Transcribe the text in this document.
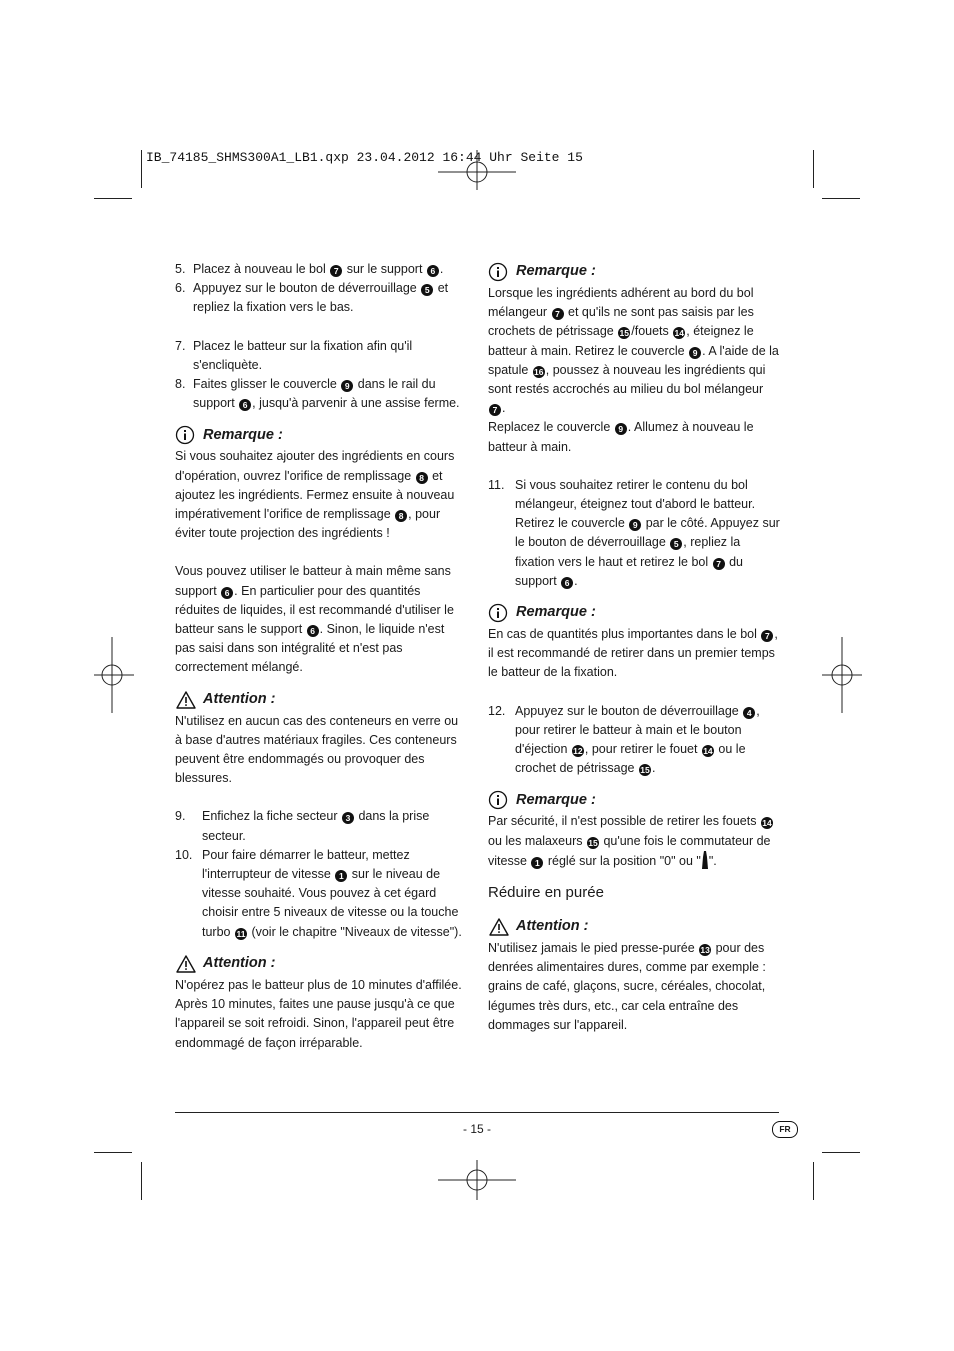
IB_74185_SHMS300A1_LB1.qxp 23.04.2012 16:44 Uhr Seite 15
5. Placez à nouveau le bol 7 sur le support 6 .
6. Appuyez sur le bouton de déverrouillage 5 et repliez la fixation vers le bas.
7. Placez le batteur sur la fixation afin qu'il s'encliquète.
8. Faites glisser le couvercle 9 dans le rail du support 6 , jusqu'à parvenir à une assise ferme.
Remarque :

Si vous souhaitez ajouter des ingrédients en cours d'opération, ouvrez l'orifice de remplissage 8 et ajoutez les ingrédients. Fermez ensuite à nouveau impérativement l'orifice de remplissage 8 , pour éviter toute projection des ingrédients !

Vous pouvez utiliser le batteur à main même sans support 6 . En particulier pour des quantités réduites de liquides, il est recommandé d'utiliser le batteur sans le support 6 . Sinon, le liquide n'est pas saisi dans son intégralité et n'est pas correctement mélangé.

Attention :

N'utilisez en aucun cas des conteneurs en verre ou à base d'autres matériaux fragiles. Ces conteneurs peuvent être endommagés ou provoquer des blessures.

9.	Enfichez la fiche secteur 3 dans la prise secteur.
10. Pour faire démarrer le batteur, mettez l'interrupteur de vitesse 1 sur le niveau de vitesse souhaité. Vous pouvez à cet égard choisir entre 5 niveaux de vitesse ou la touche turbo 11 (voir le chapitre "Niveaux de vitesse").
Attention :

N'opérez pas le batteur plus de 10 minutes d'affilée. Après 10 minutes, faites une pause jusqu'à ce que l'appareil se soit refroidi. Sinon, l'appareil peut être endommagé de façon irréparable.

Remarque :

Lorsque les ingrédients adhérent au bord du bol mélangeur 7 et qu'ils ne sont pas saisis par les crochets de pétrissage 15 /fouets 14 , éteignez le batteur à main. Retirez le couvercle 9 . A l'aide de la spatule 16 , poussez à nouveau les ingrédients qui sont restés accrochés au milieu du bol mélangeur 7 .

Replacez le couvercle 9 . Allumez à nouveau le batteur à main.

11. Si vous souhaitez retirer le contenu du bol mélangeur, éteignez tout d'abord le batteur. Retirez le couvercle 9 par le côté. Appuyez sur le bouton de déverrouillage 5 , repliez la fixation vers le haut et retirez le bol 7 du support 6 .
Remarque :

En cas de quantités plus importantes dans le bol 7 , il est recommandé de retirer dans un premier temps le batteur de la fixation.

12. Appuyez sur le bouton de déverrouillage 4 , pour retirer le batteur à main et le bouton d'éjection 12 , pour retirer le fouet 14 ou le crochet de pétrissage 15 .
Remarque :

Par sécurité, il n'est possible de retirer les fouets 14 ou les malaxeurs 15 qu'une fois le commutateur de vitesse 1 réglé sur la position "0" ou " ".

Réduire en purée
Attention :

N'utilisez jamais le pied presse-purée 13 pour des denrées alimentaires dures, comme par exemple : grains de café, glaçons, sucre, céréales, chocolat, légumes très durs, etc., car cela entraîne des dommages sur l'appareil.

- 15 -	FR
